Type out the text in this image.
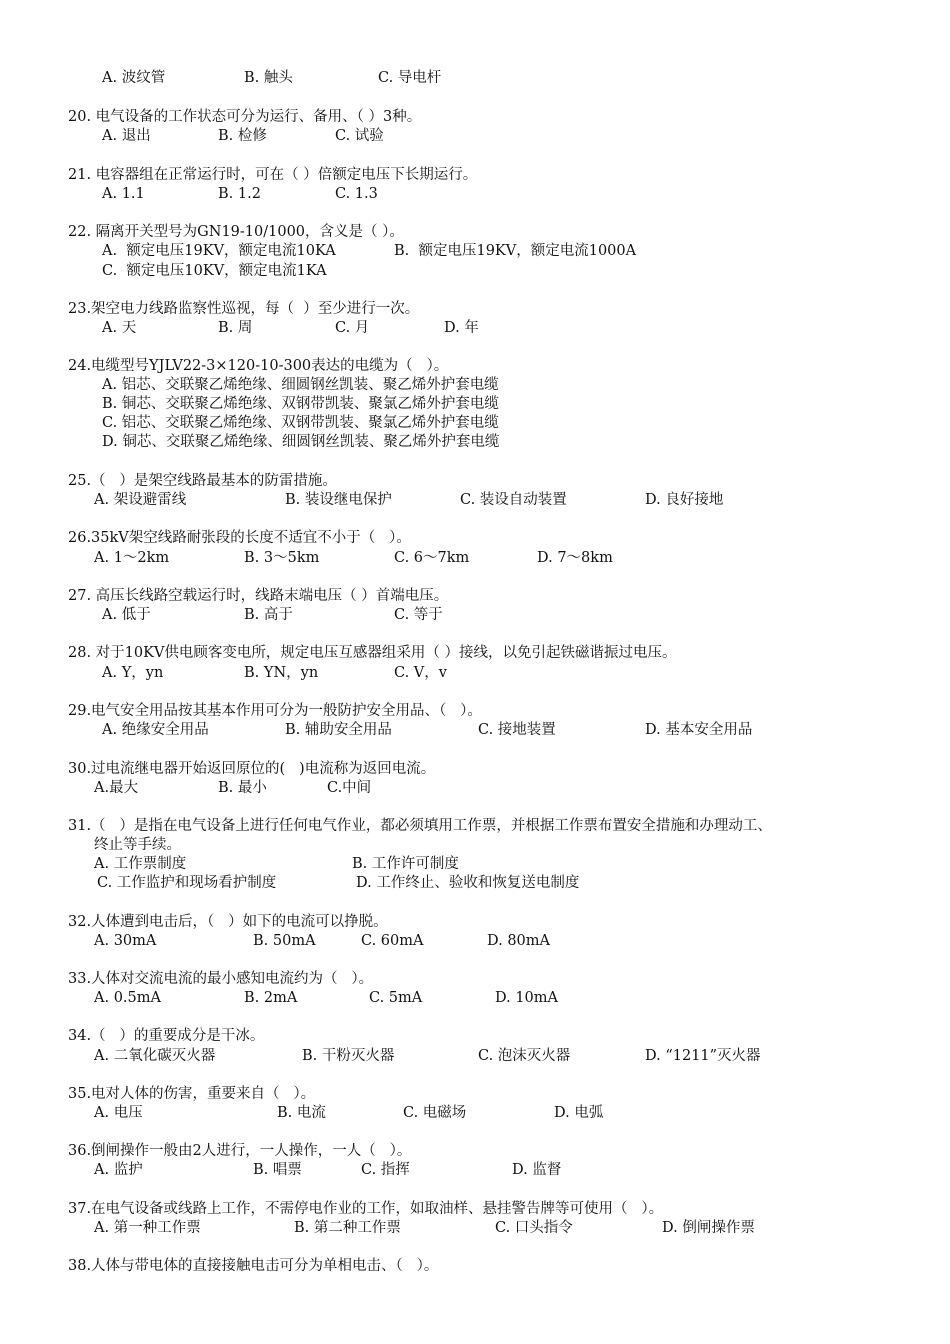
A. 波纹管	B. 触头	C. 导电杆
20. 电气设备的工作状态可分为运行、备用、（ ）3种。
A. 退出	B. 检修	C. 试验
21. 电容器组在正常运行时，可在（ ）倍额定电压下长期运行。
A. 1.1	B. 1.2	C. 1.3
22. 隔离开关型号为GN19-10/1000，含义是（ ）。
A.  额定电压19KV，额定电流10KA	B.  额定电压19KV，额定电流1000A
C.  额定电压10KV，额定电流1KA
23.架空电力线路监察性巡视，每（  ）至少进行一次。
A. 天	B. 周	C. 月	D. 年
24.电缆型号YJLV22-3×120-10-300表达的电缆为（   ）。
A. 铝芯、交联聚乙烯绝缘、细圆钢丝凯装、聚乙烯外护套电缆
B. 铜芯、交联聚乙烯绝缘、双钢带凯装、聚氯乙烯外护套电缆
C. 铝芯、交联聚乙烯绝缘、双钢带凯装、聚氯乙烯外护套电缆
D. 铜芯、交联聚乙烯绝缘、细圆钢丝凯装、聚乙烯外护套电缆
25.（   ）是架空线路最基本的防雷措施。
A. 架设避雷线	B. 装设继电保护	C. 装设自动装置	D. 良好接地
26.35kV架空线路耐张段的长度不适宜不小于（   ）。
A. 1～2km	B. 3～5km	C. 6～7km	D. 7～8km
27. 高压长线路空载运行时，线路末端电压（ ）首端电压。
A. 低于	B. 高于	C. 等于
28. 对于10KV供电顾客变电所，规定电压互感器组采用（ ）接线，以免引起铁磁谐振过电压。
A. Y，yn	B. YN，yn	C. V，v
29.电气安全用品按其基本作用可分为一般防护安全用品、（   ）。
A. 绝缘安全用品	B. 辅助安全用品	C. 接地装置	D. 基本安全用品
30.过电流继电器开始返回原位的(   )电流称为返回电流。
A.最大	B. 最小	C.中间
31.（   ）是指在电气设备上进行任何电气作业，都必须填用工作票，并根据工作票布置安全措施和办理动工、
终止等手续。
A. 工作票制度	B. 工作许可制度
C. 工作监护和现场看护制度	D. 工作终止、验收和恢复送电制度
32.人体遭到电击后，（   ）如下的电流可以挣脱。
A. 30mA	B. 50mA	C. 60mA	D. 80mA
33.人体对交流电流的最小感知电流约为（   ）。
A. 0.5mA	B. 2mA	C. 5mA	D. 10mA
34.（   ）的重要成分是干冰。
A. 二氧化碳灭火器	B. 干粉灭火器	C. 泡沫灭火器	D. “1211”灭火器
35.电对人体的伤害，重要来自（   ）。
A. 电压	B. 电流	C. 电磁场	D. 电弧
36.倒闸操作一般由2人进行，一人操作，一人（   ）。
A. 监护	B. 唱票	C. 指挥	D. 监督
37.在电气设备或线路上工作，不需停电作业的工作，如取油样、悬挂警告牌等可使用（   ）。
A. 第一种工作票	B. 第二种工作票	C. 口头指令	D. 倒闸操作票
38.人体与带电体的直接接触电击可分为单相电击、（   ）。
